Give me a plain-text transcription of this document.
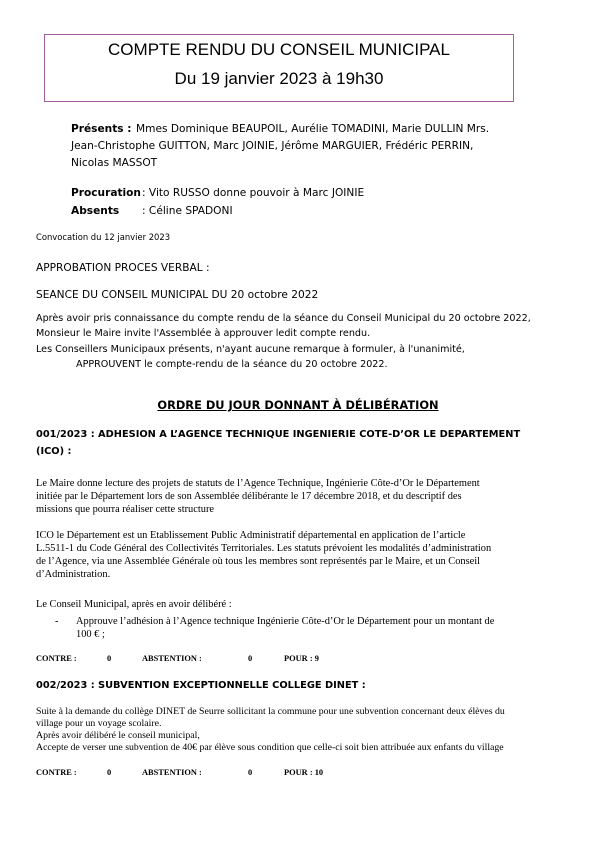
COMPTE RENDU DU CONSEIL MUNICIPAL
Du 19 janvier 2023 à 19h30
Présents : Mmes Dominique BEAUPOIL, Aurélie TOMADINI, Marie DULLIN Mrs.
Jean-Christophe GUITTON, Marc JOINIE, Jérôme MARGUIER, Frédéric PERRIN,
Nicolas MASSOT
Procuration : Vito RUSSO donne pouvoir à Marc JOINIE
Absents : Céline SPADONI
Convocation du 12 janvier 2023
APPROBATION PROCES VERBAL :
SEANCE DU CONSEIL MUNICIPAL DU 20 octobre 2022
Après avoir pris connaissance du compte rendu de la séance du Conseil Municipal du 20 octobre 2022,
Monsieur le Maire invite l'Assemblée à approuver ledit compte rendu.
Les Conseillers Municipaux présents, n'ayant aucune remarque à formuler, à l'unanimité,
APPROUVENT le compte-rendu de la séance du 20 octobre 2022.
ORDRE DU JOUR DONNANT À DÉLIBÉRATION
001/2023 : ADHESION A L’AGENCE TECHNIQUE INGENIERIE COTE-D’OR LE DEPARTEMENT
(ICO) :
Le Maire donne lecture des projets de statuts de l’Agence Technique, Ingénierie Côte-d’Or le Département
initiée par le Département lors de son Assemblée délibérante le 17 décembre 2018, et du descriptif des
missions que pourra réaliser cette structure
ICO le Département est un Etablissement Public Administratif départemental en application de l’article
L.5511-1 du Code Général des Collectivités Territoriales. Les statuts prévoient les modalités d’administration
de l’Agence, via une Assemblée Générale où tous les membres sont représentés par le Maire, et un Conseil
d’Administration.
Le Conseil Municipal, après en avoir délibéré :
- Approuve l’adhésion à l’Agence technique Ingénierie Côte-d’Or le Département pour un montant de
100 € ;
CONTRE :	0	ABSTENTION :	0	POUR : 9
002/2023 : SUBVENTION EXCEPTIONNELLE COLLEGE DINET :
Suite à la demande du collège DINET de Seurre sollicitant la commune pour une subvention concernant deux élèves du
village pour un voyage scolaire.
Après avoir délibéré le conseil municipal,
Accepte de verser une subvention de 40€ par élève sous condition que celle-ci soit bien attribuée aux enfants du village
CONTRE :	0	ABSTENTION :	0	POUR : 10
